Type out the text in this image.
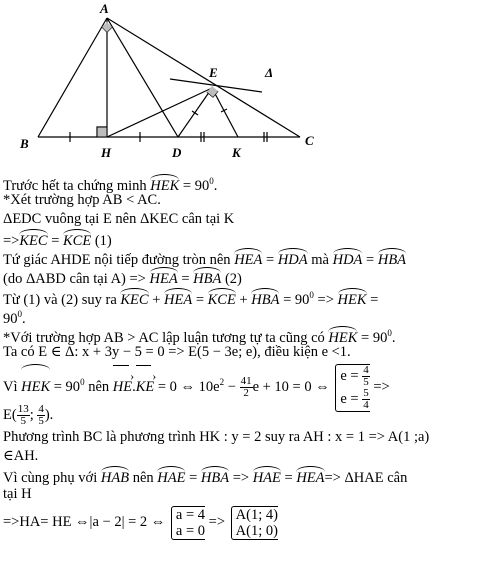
A
B	C
H	D	K
E	Δ
Trước hết ta chứng minh HEK = $90^0$.
*Xét trường hợp AB < AC.
ΔEDC vuông tại E nên ΔKEC cân tại K
=>KEC = KCE (1)
Tứ giác AHDE nội tiếp đường tròn nên HEA = HDA mà HDA = HBA
(do ΔABD cân tại A) => HEA = HBA (2)
Từ (1) và (2) suy ra KEC + HEA = KCE + HBA = $90^0$ => HEK =
$90^0$.
*Với trường hợp AB > AC lập luận tương tự ta cũng có HEK = $90^0$.
Ta có E ∈ Δ: x + 3y − 5 = 0 => E(5 − 3e; e), điều kiện e <1.
Vì HEK = $90^0$ nên HE ›.KE › = 0 ⇔ $10e^2 - \frac{41}{2}$ e + 10 = 0 ⇔
$e = \frac{4}{5}$
$e = \frac{5}{4}$
=>
$E( \frac{13}{5}$ ; $\frac{4}{5}$ ).
Phương trình BC là phương trình HK : y = 2 suy ra AH : x = 1 => A(1 ;a)
∈AH.
Vì cùng phụ với HAB nên HAE = HBA => HAE = HEA=> ΔHAE cân
tại H
=>HA= HE ⇔|a − 2| = 2 ⇔ a = 4
a = 0
=> A(1; 4)
A(1; 0)
